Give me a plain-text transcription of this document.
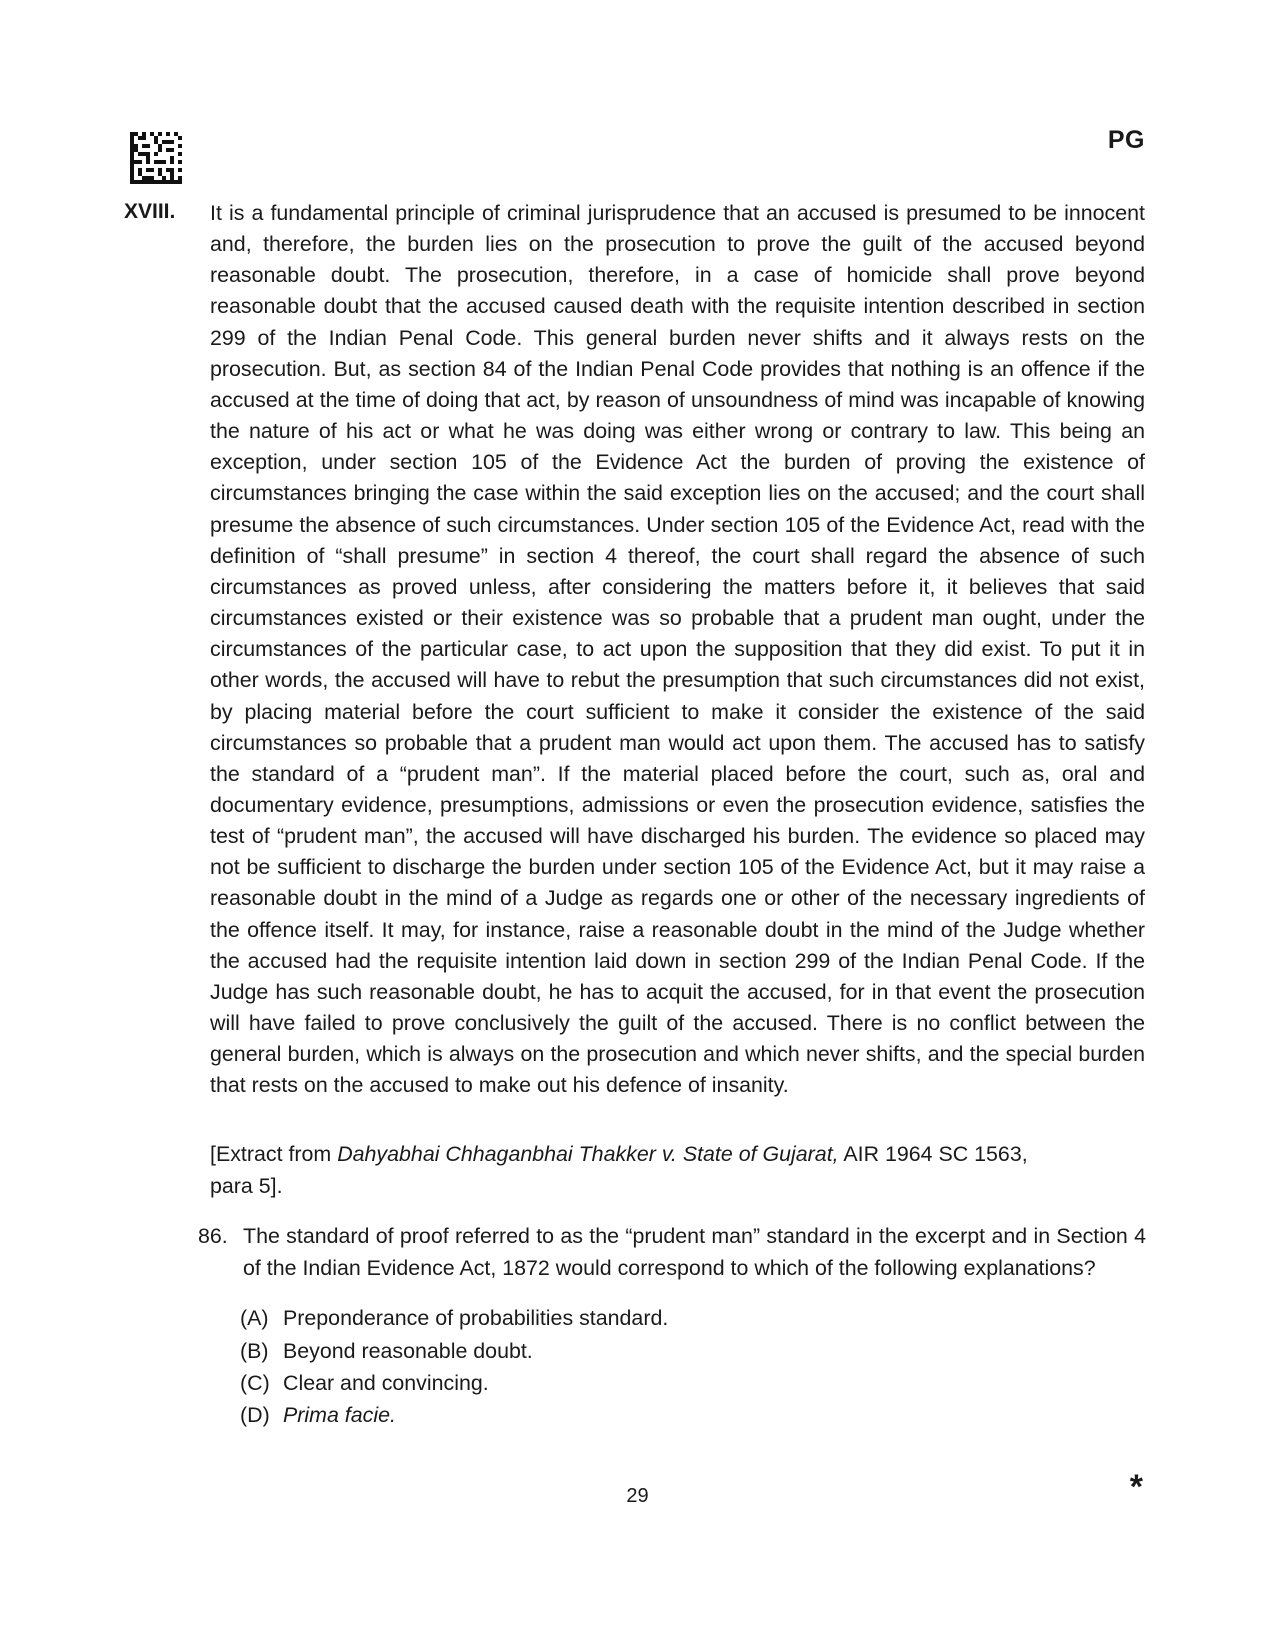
PG
XVIII. It is a fundamental principle of criminal jurisprudence that an accused is presumed to be innocent and, therefore, the burden lies on the prosecution to prove the guilt of the accused beyond reasonable doubt. The prosecution, therefore, in a case of homicide shall prove beyond reasonable doubt that the accused caused death with the requisite intention described in section 299 of the Indian Penal Code. This general burden never shifts and it always rests on the prosecution. But, as section 84 of the Indian Penal Code provides that nothing is an offence if the accused at the time of doing that act, by reason of unsoundness of mind was incapable of knowing the nature of his act or what he was doing was either wrong or contrary to law. This being an exception, under section 105 of the Evidence Act the burden of proving the existence of circumstances bringing the case within the said exception lies on the accused; and the court shall presume the absence of such circumstances. Under section 105 of the Evidence Act, read with the definition of “shall presume” in section 4 thereof, the court shall regard the absence of such circumstances as proved unless, after considering the matters before it, it believes that said circumstances existed or their existence was so probable that a prudent man ought, under the circumstances of the particular case, to act upon the supposition that they did exist. To put it in other words, the accused will have to rebut the presumption that such circumstances did not exist, by placing material before the court sufficient to make it consider the existence of the said circumstances so probable that a prudent man would act upon them. The accused has to satisfy the standard of a “prudent man”. If the material placed before the court, such as, oral and documentary evidence, presumptions, admissions or even the prosecution evidence, satisfies the test of “prudent man”, the accused will have discharged his burden. The evidence so placed may not be sufficient to discharge the burden under section 105 of the Evidence Act, but it may raise a reasonable doubt in the mind of a Judge as regards one or other of the necessary ingredients of the offence itself. It may, for instance, raise a reasonable doubt in the mind of the Judge whether the accused had the requisite intention laid down in section 299 of the Indian Penal Code. If the Judge has such reasonable doubt, he has to acquit the accused, for in that event the prosecution will have failed to prove conclusively the guilt of the accused. There is no conflict between the general burden, which is always on the prosecution and which never shifts, and the special burden that rests on the accused to make out his defence of insanity.

[Extract from Dahyabhai Chhaganbhai Thakker v. State of Gujarat, AIR 1964 SC 1563,
para 5].

86. The standard of proof referred to as the “prudent man” standard in the excerpt and in Section 4 of the Indian Evidence Act, 1872 would correspond to which of the following explanations?

(A) Preponderance of probabilities standard.
(B) Beyond reasonable doubt.
(C) Clear and convincing.
(D) Prima facie.
29	*
